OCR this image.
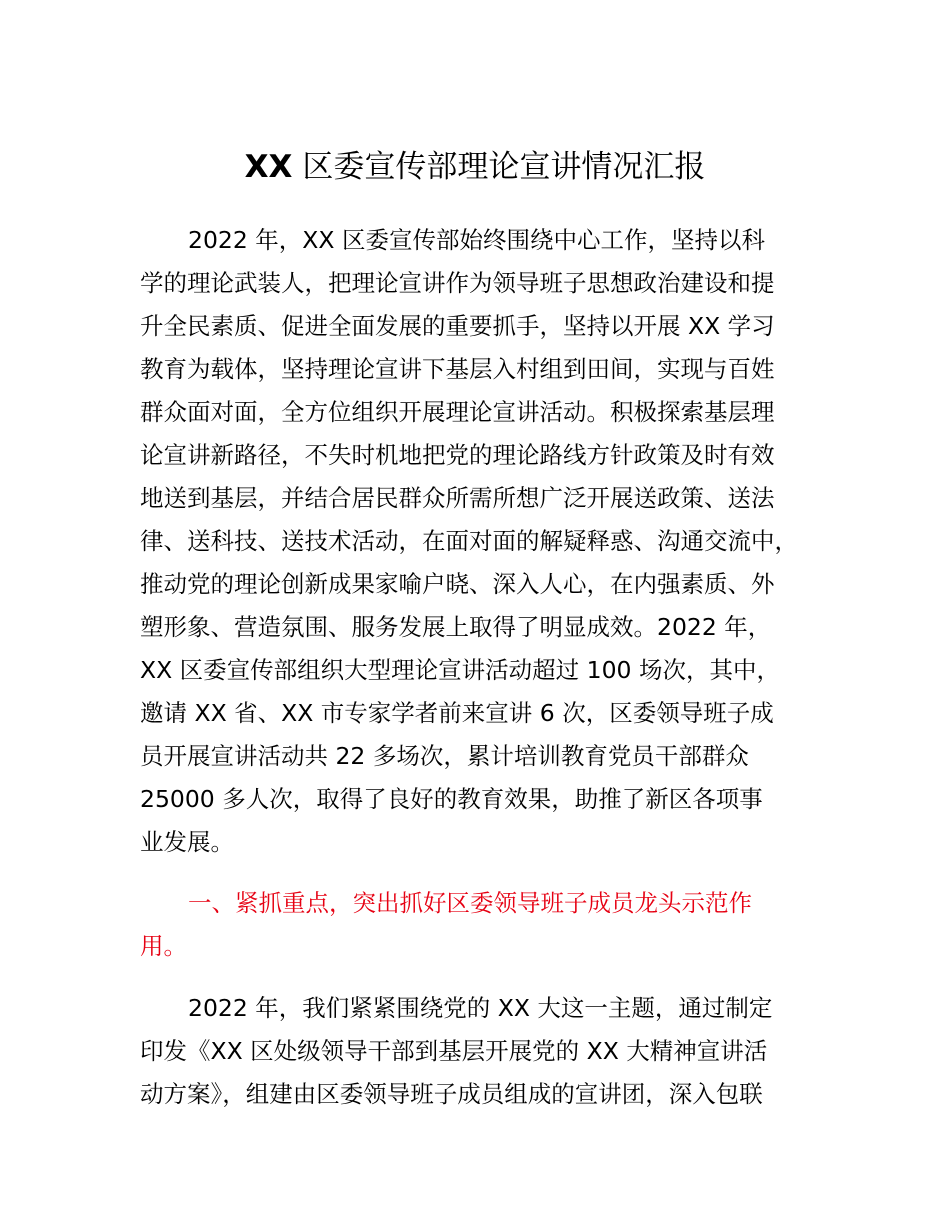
XX 区委宣传部理论宣讲情况汇报

2022 年，XX 区委宣传部始终围绕中心工作，坚持以科

学的理论武装人，把理论宣讲作为领导班子思想政治建设和提

升全民素质、促进全面发展的重要抓手，坚持以开展 XX 学习

教育为载体，坚持理论宣讲下基层入村组到田间，实现与百姓

群众面对面，全方位组织开展理论宣讲活动。积极探索基层理

论宣讲新路径，不失时机地把党的理论路线方针政策及时有效

地送到基层，并结合居民群众所需所想广泛开展送政策、送法

律、送科技、送技术活动，在面对面的解疑释惑、沟通交流中，

推动党的理论创新成果家喻户晓、深入人心，在内强素质、外

塑形象、营造氛围、服务发展上取得了明显成效。2022 年，

XX 区委宣传部组织大型理论宣讲活动超过 100 场次，其中，

邀请 XX 省、XX 市专家学者前来宣讲 6 次，区委领导班子成

员开展宣讲活动共 22 多场次，累计培训教育党员干部群众

25000 多人次，取得了良好的教育效果，助推了新区各项事

业发展。

一、紧抓重点，突出抓好区委领导班子成员龙头示范作

用。

2022 年，我们紧紧围绕党的 XX 大这一主题，通过制定

印发《XX 区处级领导干部到基层开展党的 XX 大精神宣讲活

动方案》，组建由区委领导班子成员组成的宣讲团，深入包联
